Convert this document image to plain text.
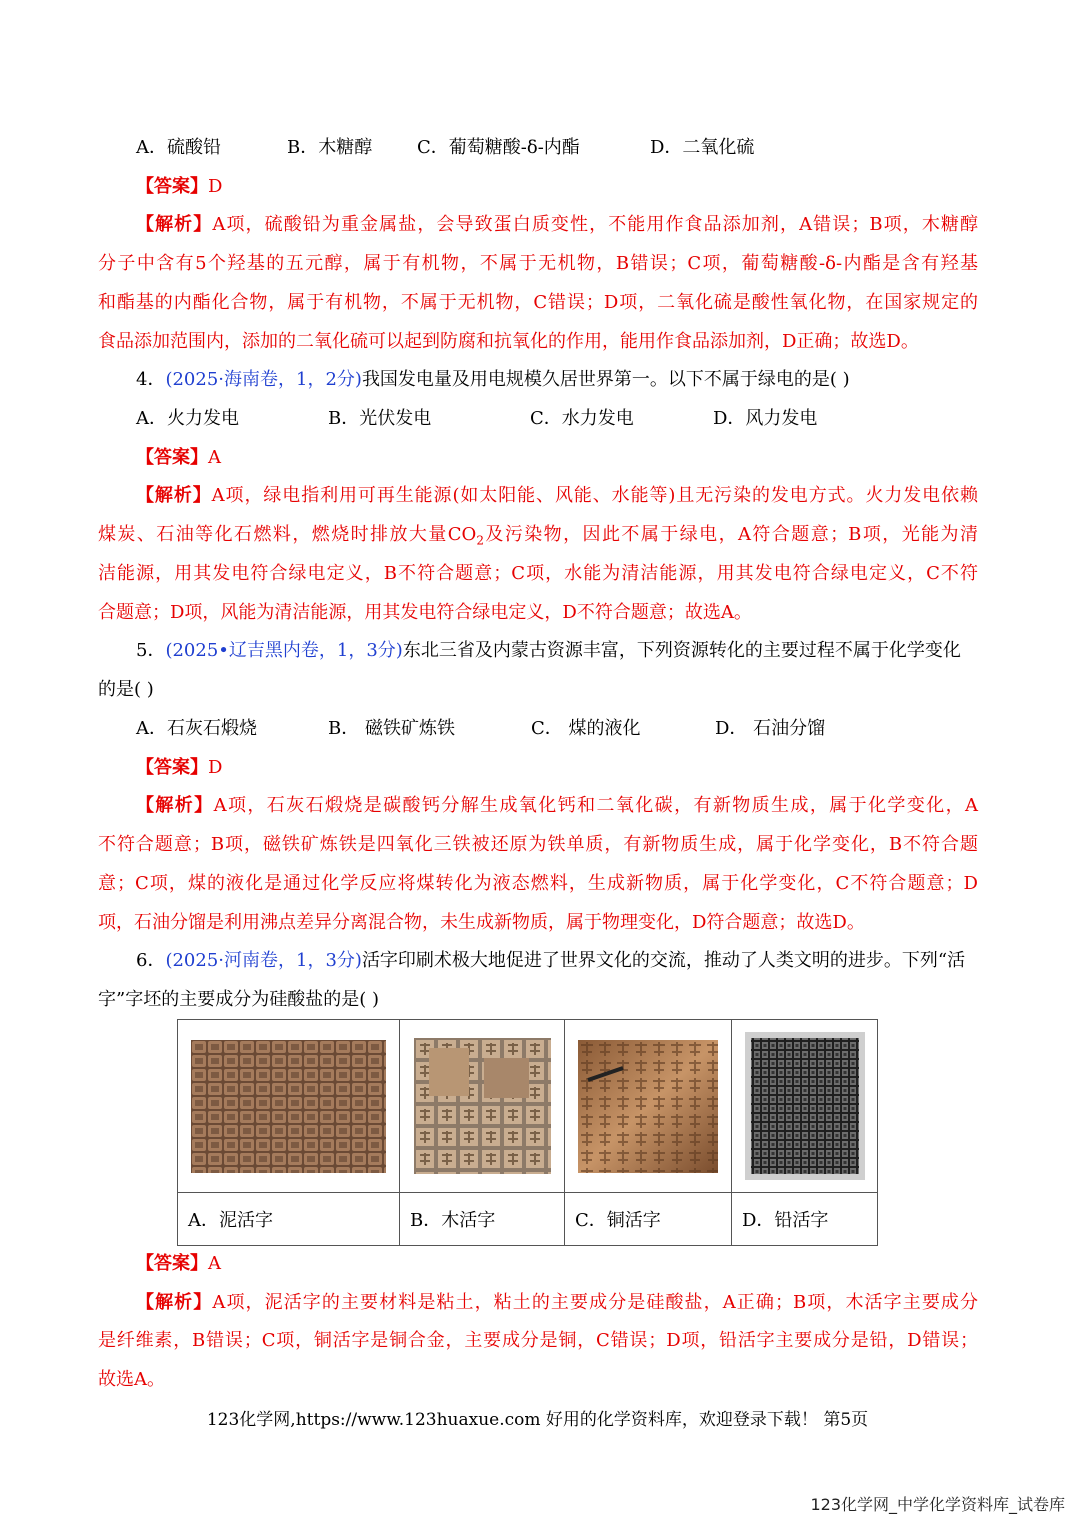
A．硫酸铅	B．木糖醇 C．葡萄糖酸-δ-内酯	D．二氧化硫
【答案】D
【解析】A项，硫酸铅为重金属盐，会导致蛋白质变性，不能用作食品添加剂，A错误；B项，木糖醇
分子中含有5个羟基的五元醇，属于有机物，不属于无机物，B错误；C项，葡萄糖酸-δ-内酯是含有羟基
和酯基的内酯化合物，属于有机物，不属于无机物，C错误；D项，二氧化硫是酸性氧化物，在国家规定的
食品添加范围内，添加的二氧化硫可以起到防腐和抗氧化的作用，能用作食品添加剂，D正确；故选D。
4．(2025·海南卷，1，2分)我国发电量及用电规模久居世界第一。以下不属于绿电的是( )
A．火力发电	B．光伏发电	C．水力发电	D．风力发电
【答案】A
【解析】A项，绿电指利用可再生能源(如太阳能、风能、水能等)且无污染的发电方式。火力发电依赖
煤炭、石油等化石燃料，燃烧时排放大量$CO_2$及污染物，因此不属于绿电，A符合题意；B项，光能为清
洁能源，用其发电符合绿电定义，B不符合题意；C项，水能为清洁能源，用其发电符合绿电定义，C不符
合题意；D项，风能为清洁能源，用其发电符合绿电定义，D不符合题意；故选A。
5．(2025•辽吉黑内卷，1，3分)东北三省及内蒙古资源丰富，下列资源转化的主要过程不属于化学变化
的是( )
A．石灰石煅烧	B． 磁铁矿炼铁	C． 煤的液化	D． 石油分馏
【答案】D
【解析】A项，石灰石煅烧是碳酸钙分解生成氧化钙和二氧化碳，有新物质生成，属于化学变化，A
不符合题意；B项，磁铁矿炼铁是四氧化三铁被还原为铁单质，有新物质生成，属于化学变化，B不符合题
意；C项，煤的液化是通过化学反应将煤转化为液态燃料，生成新物质，属于化学变化，C不符合题意；D
项，石油分馏是利用沸点差异分离混合物，未生成新物质，属于物理变化，D符合题意；故选D。
6．(2025·河南卷，1，3分)活字印刷术极大地促进了世界文化的交流，推动了人类文明的进步。下列“活
字”字坯的主要成分为硅酸盐的是( )

A．泥活字	B．木活字	C．铜活字	D．铅活字
【答案】A
【解析】A项，泥活字的主要材料是粘土，粘土的主要成分是硅酸盐，A正确；B项，木活字主要成分
是纤维素，B错误；C项，铜活字是铜合金，主要成分是铜，C错误；D项，铅活字主要成分是铅，D错误；
故选A。
123化学网,https://www.123huaxue.com 好用的化学资料库，欢迎登录下载！ 第5页
123化学网_中学化学资料库_试卷库
